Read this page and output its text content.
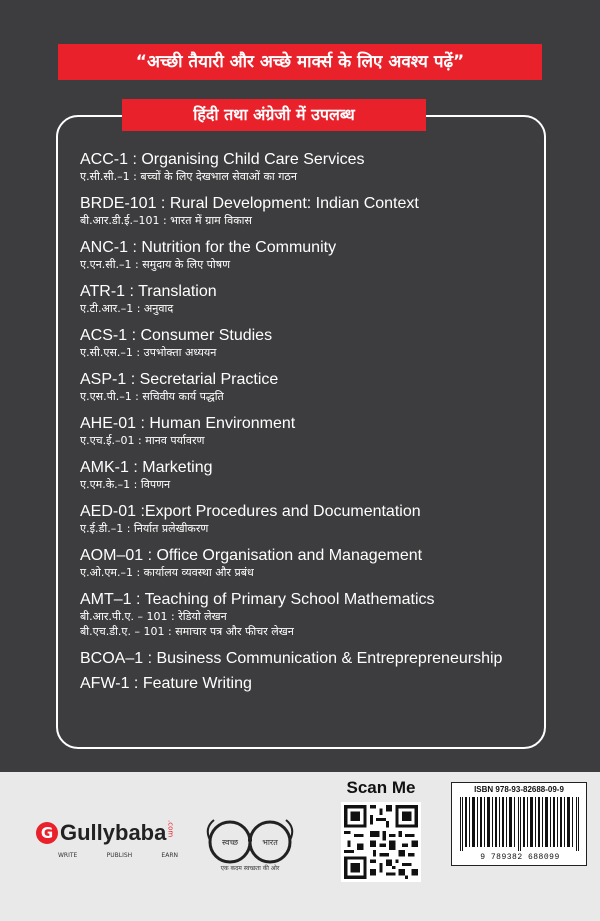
“अच्छी तैयारी और अच्छे मार्क्स के लिए अवश्य पढ़ें”
हिंदी तथा अंग्रेजी में उपलब्ध
ACC-1 : Organising Child Care Services
ए.सी.सी.–1 : बच्चों के लिए देखभाल सेवाओं का गठन
BRDE-101 : Rural Development: Indian Context
बी.आर.डी.ई.–101 : भारत में ग्राम विकास
ANC-1 : Nutrition for the Community
ए.एन.सी.–1 : समुदाय के लिए पोषण
ATR-1 : Translation
ए.टी.आर.–1 : अनुवाद
ACS-1 : Consumer Studies
ए.सी.एस.–1 : उपभोक्ता अध्ययन
ASP-1 : Secretarial Practice
ए.एस.पी.–1 : सचिवीय कार्य पद्धति
AHE-01 : Human Environment
ए.एच.ई.–01 : मानव पर्यावरण
AMK-1 : Marketing
ए.एम.के.–1 : विपणन
AED-01 :Export Procedures and Documentation
ए.ई.डी.–1 : निर्यात प्रलेखीकरण
AOM–01 : Office Organisation and Management
ए.ओ.एम.–1 : कार्यालय व्यवस्था और प्रबंध
AMT–1 : Teaching of Primary School Mathematics
बी.आर.पी.ए. – 101 : रेडियो लेखन
बी.एच.डी.ए. – 101 : समाचार पत्र और फीचर लेखन
BCOA–1 : Business Communication & Entreprepreneurship
AFW-1 : Feature Writing
G Gullybaba.com
WRITE	PUBLISH	EARN
स्वच्छ	भारत
एक कदम स्वच्छता की ओर
Scan Me	ISBN 978-93-82688-09-9
9 789382 688099
